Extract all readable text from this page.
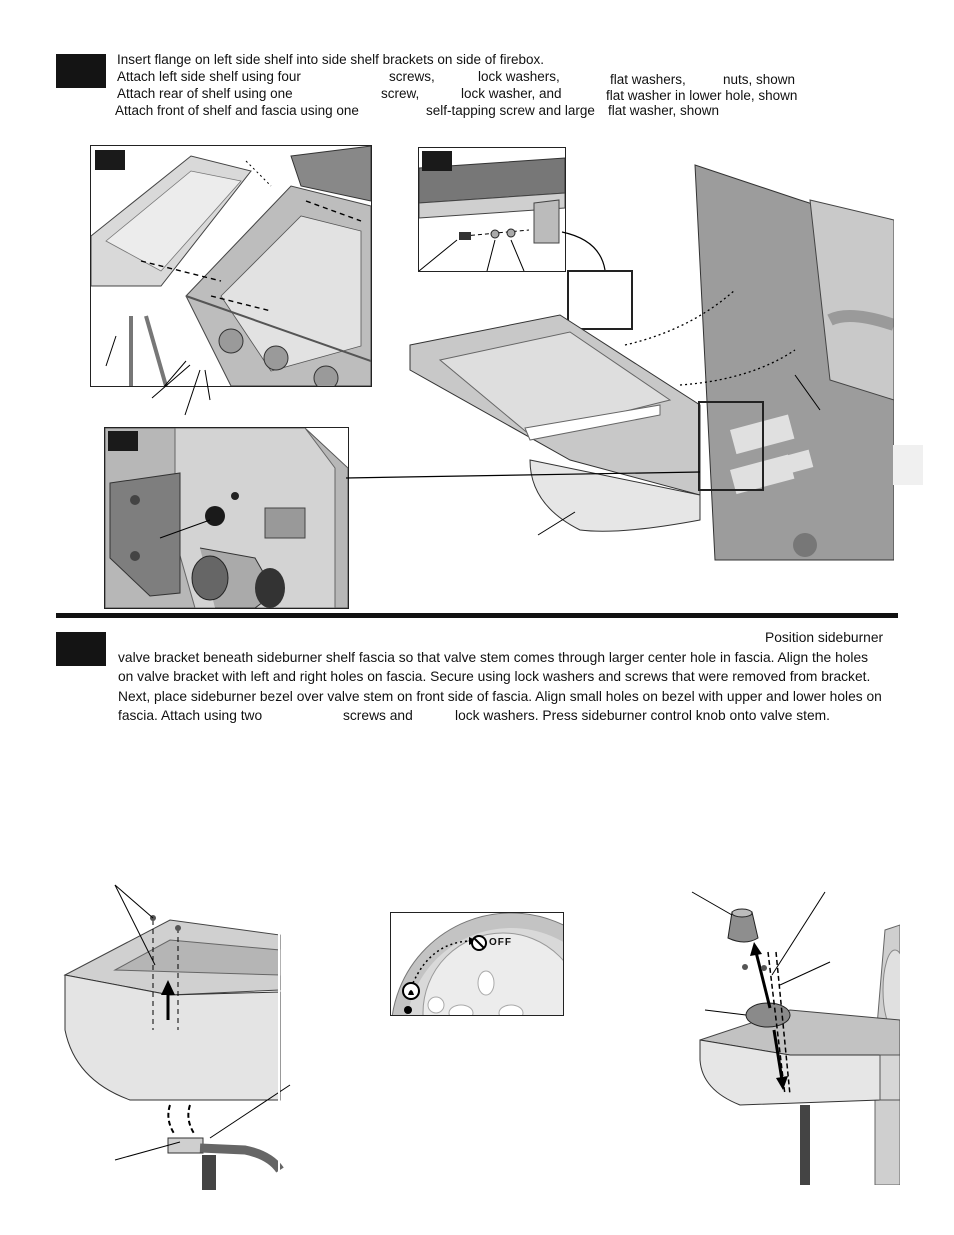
Insert flange on left side shelf into side shelf brackets on side of firebox.
Attach left side shelf using four	screws,	lock washers,	flat washers,	nuts, shown
Attach rear of shelf using one	screw,	lock washer, and	flat washer in lower hole, shown
Attach front of shelf and fascia using one	self-tapping screw and large flat washer, shown
Position sideburner
valve bracket beneath sideburner shelf fascia so that valve stem comes through larger center hole in fascia. Align the holes
on valve bracket with left and right holes on fascia. Secure using lock washers and screws that were removed from bracket.
Next, place sideburner bezel over valve stem on front side of fascia. Align small holes on bezel with upper and lower holes on
fascia. Attach using two	screws and	lock washers. Press sideburner control knob onto valve stem.
OFF
